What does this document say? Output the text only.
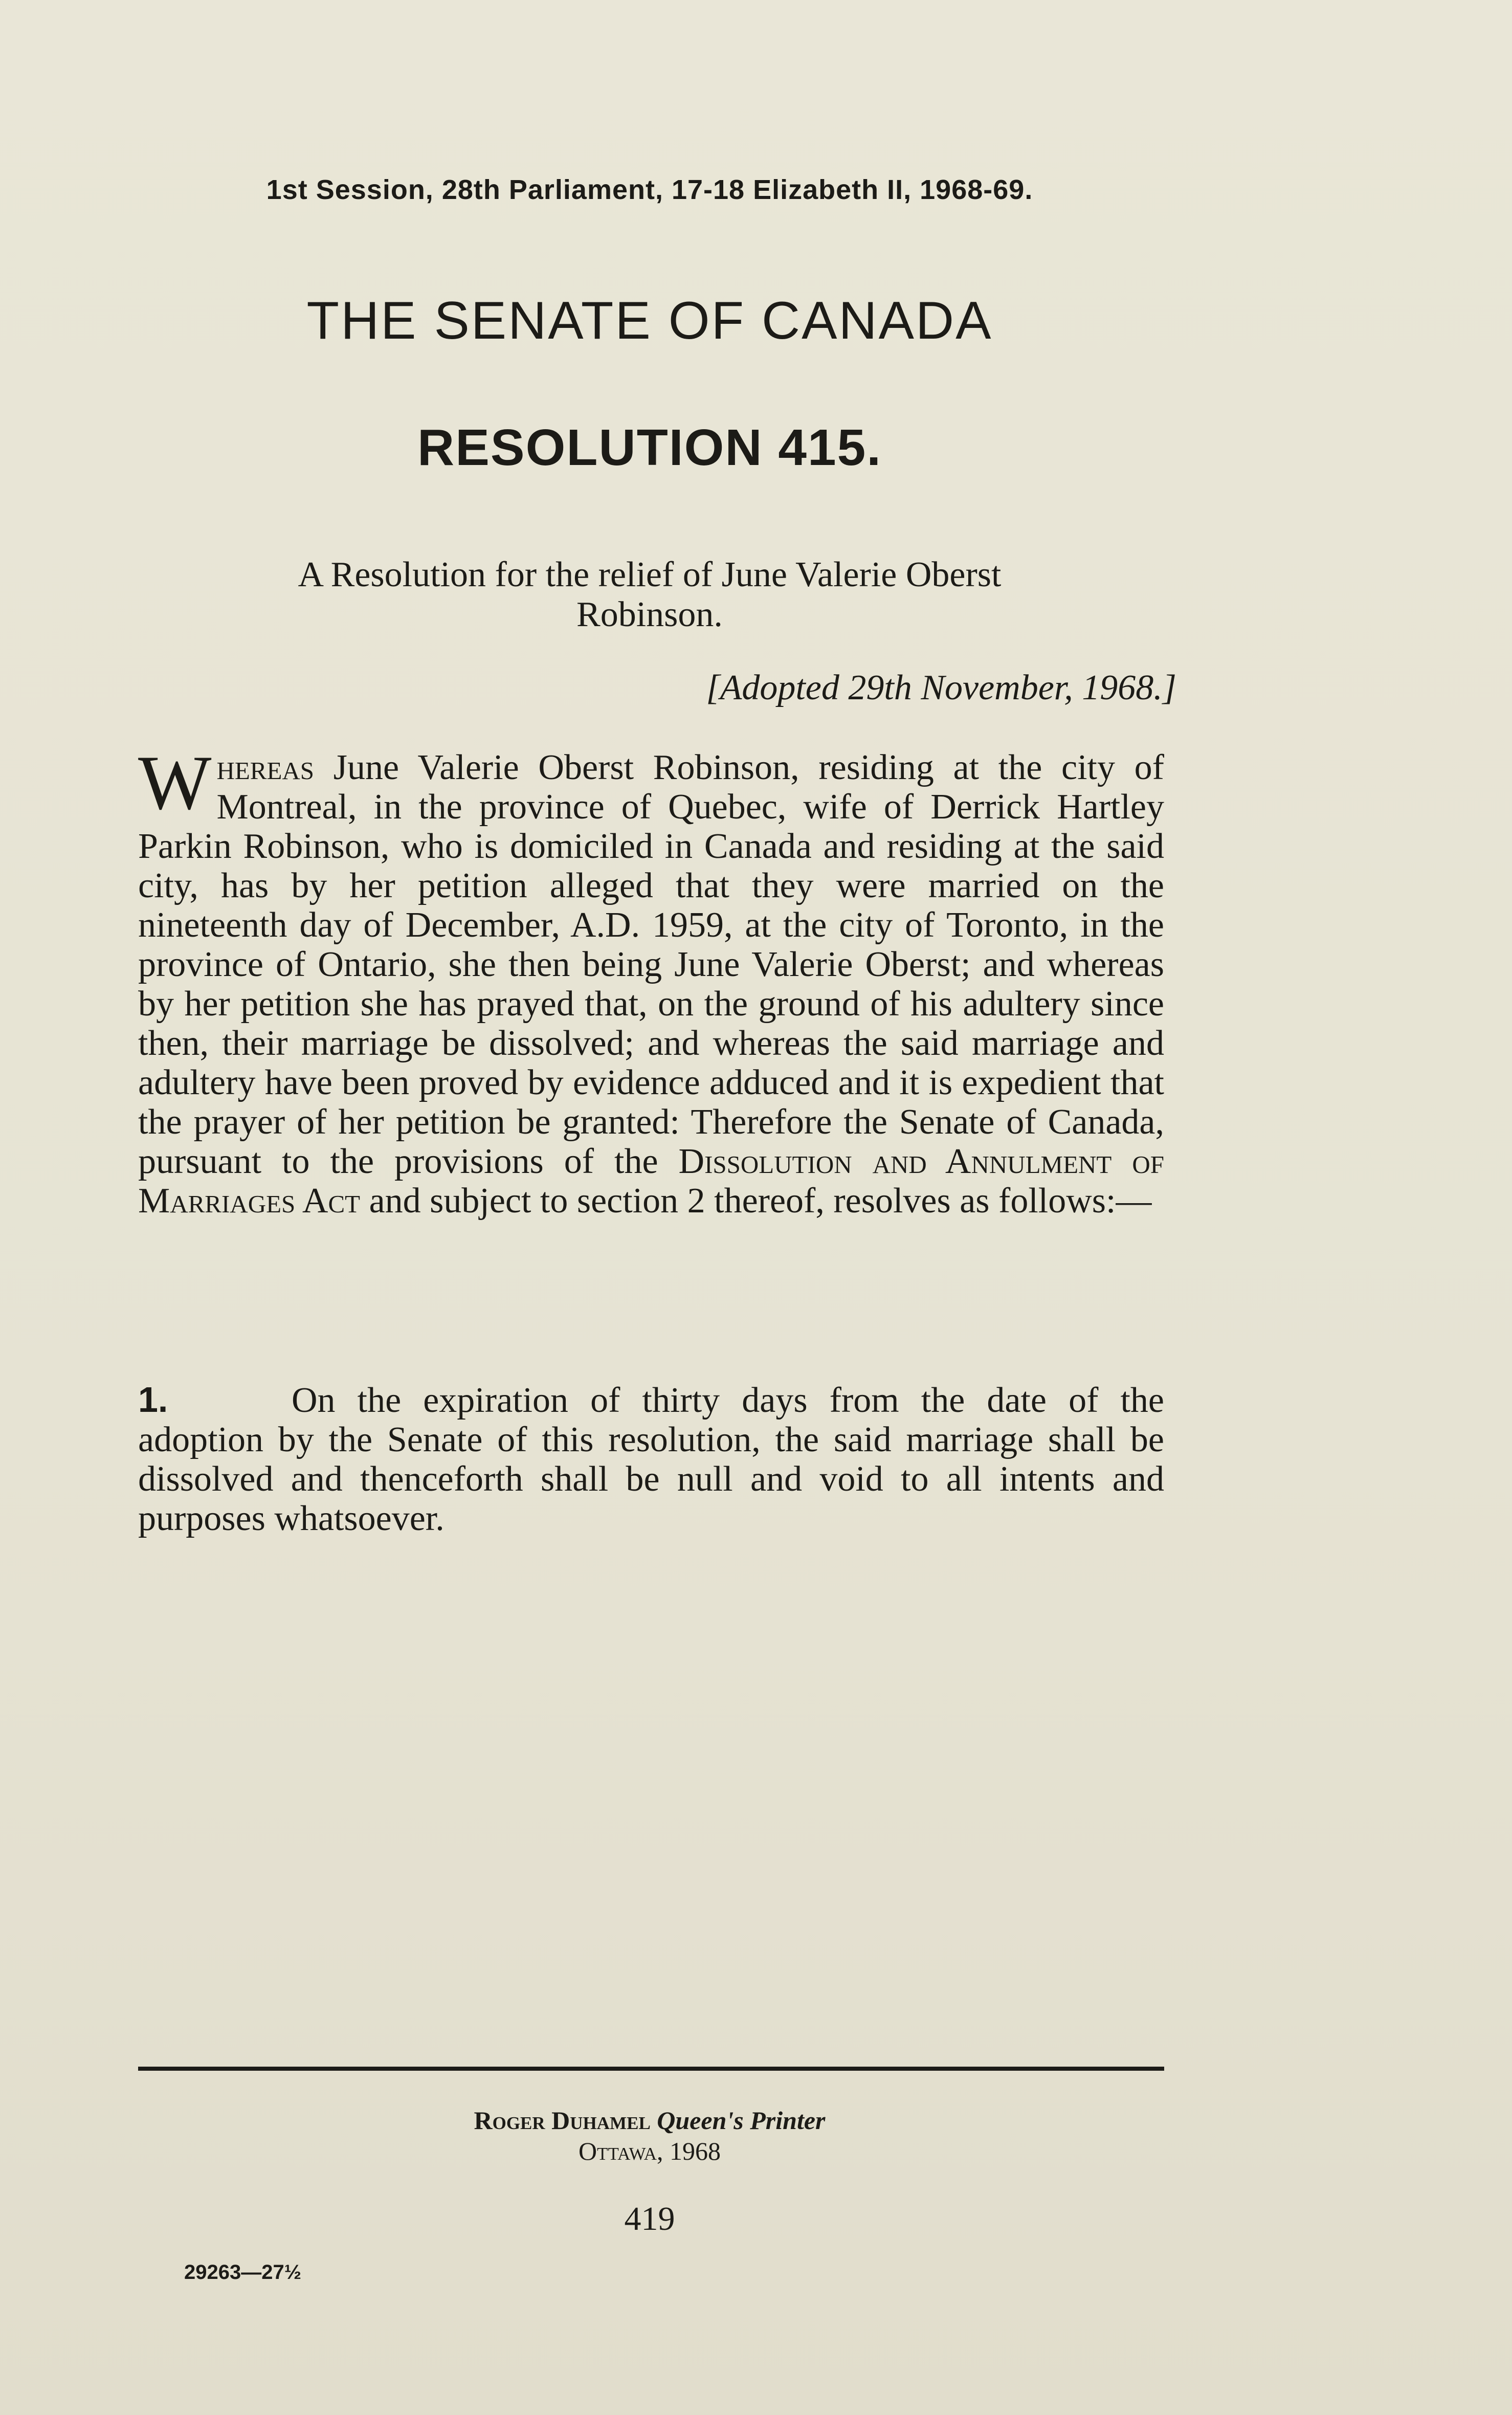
1st Session, 28th Parliament, 17-18 Elizabeth II, 1968-69.
THE SENATE OF CANADA
RESOLUTION 415.
A Resolution for the relief of June Valerie Oberst
Robinson.
[Adopted 29th November, 1968.]
Whereas June Valerie Oberst Robinson, residing at the city of Montreal, in the province of Quebec, wife of Derrick Hartley Parkin Robinson, who is domiciled in Canada and residing at the said city, has by her petition alleged that they were married on the nineteenth day of December, A.D. 1959, at the city of Toronto, in the province of Ontario, she then being June Valerie Oberst; and whereas by her petition she has prayed that, on the ground of his adultery since then, their marriage be dissolved; and whereas the said marriage and adultery have been proved by evidence adduced and it is expedient that the prayer of her petition be granted: Therefore the Senate of Canada, pursuant to the provisions of the Dissolution and Annulment of Marriages Act and subject to section 2 thereof, resolves as follows:—
1.	On the expiration of thirty days from the date of the adoption by the Senate of this resolution, the said marriage shall be dissolved and thenceforth shall be null and void to all intents and purposes whatsoever.
Roger Duhamel Queen's Printer
Ottawa, 1968
419
29263—27½
